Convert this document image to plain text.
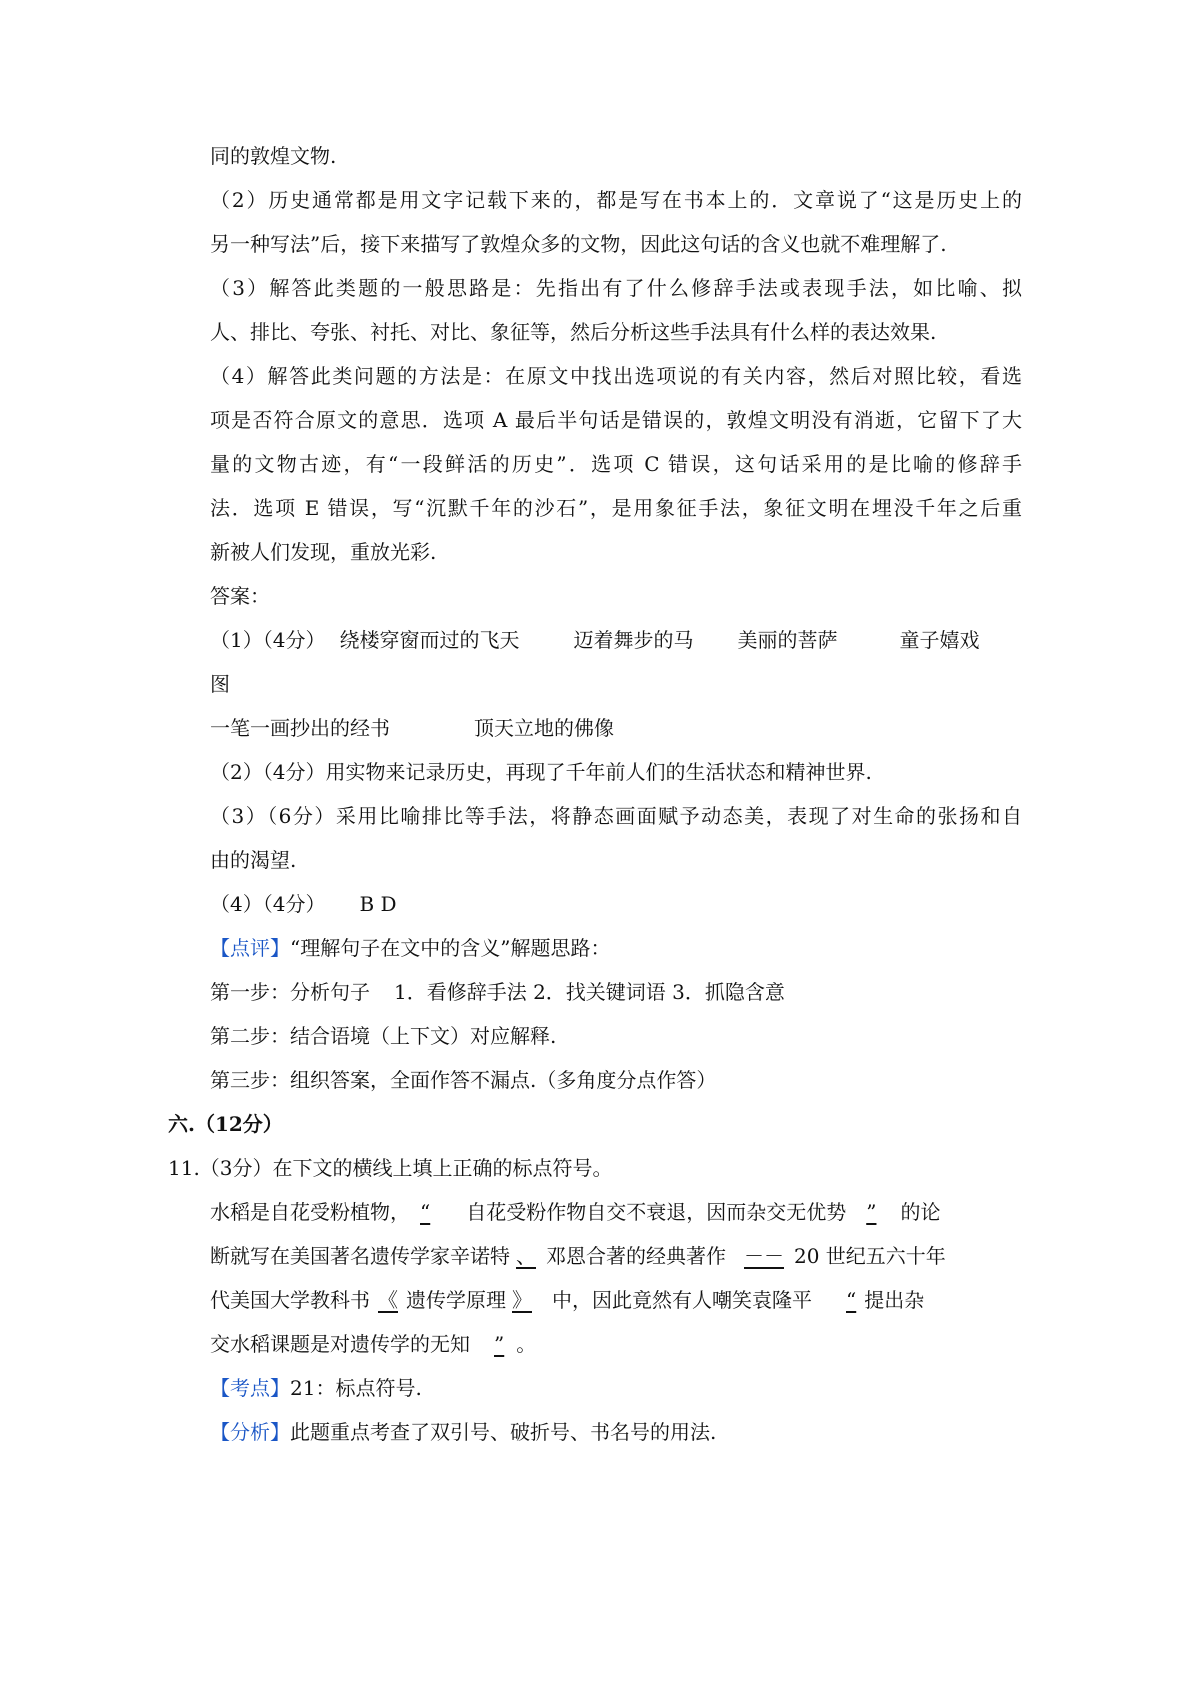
同的敦煌文物.
（2）历史通常都是用文字记载下来的，都是写在书本上的．文章说了“这是历史上的
另一种写法”后，接下来描写了敦煌众多的文物，因此这句话的含义也就不难理解了.
（3）解答此类题的一般思路是：先指出有了什么修辞手法或表现手法，如比喻、拟
人、排比、夸张、衬托、对比、象征等，然后分析这些手法具有什么样的表达效果.
（4）解答此类问题的方法是：在原文中找出选项说的有关内容，然后对照比较，看选
项是否符合原文的意思．选项 A 最后半句话是错误的，敦煌文明没有消逝，它留下了大
量的文物古迹，有“一段鲜活的历史”．选项 C 错误，这句话采用的是比喻的修辞手
法．选项 E 错误，写“沉默千年的沙石”，是用象征手法，象征文明在埋没千年之后重
新被人们发现，重放光彩.
答案：
（1）（4分） 绕楼穿窗而过的飞天	迈着舞步的马 美丽的菩萨	童子嬉戏
图
一笔一画抄出的经书	顶天立地的佛像
（2）（4分）用实物来记录历史，再现了千年前人们的生活状态和精神世界.
（3）（6分）采用比喻排比等手法，将静态画面赋予动态美，表现了对生命的张扬和自
由的渴望.
（4）（4分） B D
【点评】“理解句子在文中的含义”解题思路：
第一步：分析句子 1．看修辞手法 2．找关键词语 3．抓隐含意
第二步：结合语境（上下文）对应解释.
第三步：组织答案，全面作答不漏点.（多角度分点作答）
六.（12分）
11.（3分）在下文的横线上填上正确的标点符号。
水稻是自花受粉植物， “ 自花受粉作物自交不衰退，因而杂交无优势 ” 的论
断就写在美国著名遗传学家辛诺特 、 邓恩合著的经典著作 －－ 20 世纪五六十年
代美国大学教科书 《 遗传学原理 》 中，因此竟然有人嘲笑袁隆平 “ 提出杂
交水稻课题是对遗传学的无知 ” 。
【考点】21：标点符号.
【分析】此题重点考查了双引号、破折号、书名号的用法.
